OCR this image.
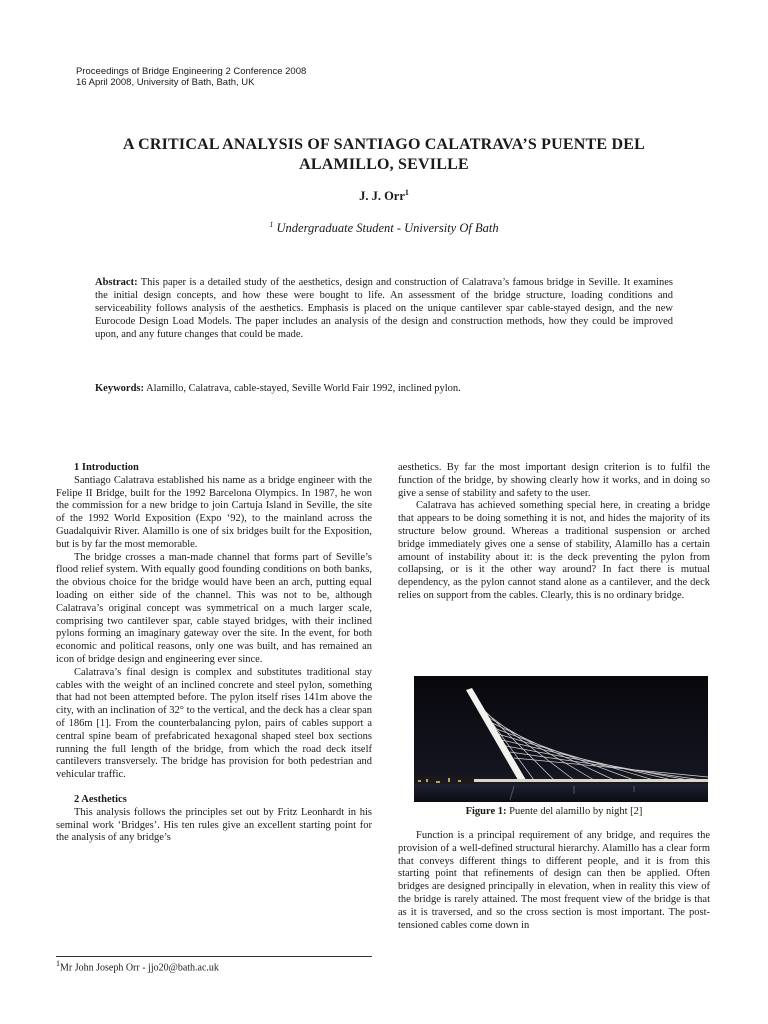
Proceedings of Bridge Engineering 2 Conference 2008
16 April 2008, University of Bath, Bath, UK
A CRITICAL ANALYSIS OF SANTIAGO CALATRAVA’S PUENTE DEL
ALAMILLO, SEVILLE
J. J. Orr$^1$
$^1$ Undergraduate Student - University Of Bath
Abstract: This paper is a detailed study of the aesthetics, design and construction of Calatrava’s famous bridge in Seville. It examines the initial design concepts, and how these were bought to life. An assessment of the bridge structure, loading conditions and serviceability follows analysis of the aesthetics. Emphasis is placed on the unique cantilever spar cable-stayed design, and the new Eurocode Design Load Models. The paper includes an analysis of the design and construction methods, how they could be improved upon, and any future changes that could be made.
Keywords: Alamillo, Calatrava, cable-stayed, Seville World Fair 1992, inclined pylon.

1 Introduction

Santiago Calatrava established his name as a bridge engineer with the Felipe II Bridge, built for the 1992 Barcelona Olympics. In 1987, he won the commission for a new bridge to join Cartuja Island in Seville, the site of the 1992 World Exposition (Expo ‘92), to the mainland across the Guadalquivir River. Alamillo is one of six bridges built for the Exposition, but is by far the most memorable.

The bridge crosses a man-made channel that forms part of Seville’s flood relief system. With equally good founding conditions on both banks, the obvious choice for the bridge would have been an arch, putting equal loading on either side of the channel. This was not to be, although Calatrava’s original concept was symmetrical on a much larger scale, comprising two cantilever spar, cable stayed bridges, with their inclined pylons forming an imaginary gateway over the site. In the event, for both economic and political reasons, only one was built, and has remained an icon of bridge design and engineering ever since.

Calatrava’s final design is complex and substitutes traditional stay cables with the weight of an inclined concrete and steel pylon, something that had not been attempted before. The pylon itself rises 141m above the city, with an inclination of 32° to the vertical, and the deck has a clear span of 186m [1]. From the counterbalancing pylon, pairs of cables support a central spine beam of prefabricated hexagonal shaped steel box sections running the full length of the bridge, from which the road deck itself cantilevers transversely. The bridge has provision for both pedestrian and vehicular traffic.

2 Aesthetics

This analysis follows the principles set out by Fritz Leonhardt in his seminal work ‘Bridges’. His ten rules give an excellent starting point for the analysis of any bridge’s

aesthetics. By far the most important design criterion is to fulfil the function of the bridge, by showing clearly how it works, and in doing so give a sense of stability and safety to the user.

Calatrava has achieved something special here, in creating a bridge that appears to be doing something it is not, and hides the majority of its structure below ground. Whereas a traditional suspension or arched bridge immediately gives one a sense of stability, Alamillo has a certain amount of instability about it: is the deck preventing the pylon from collapsing, or is it the other way around? In fact there is mutual dependency, as the pylon cannot stand alone as a cantilever, and the deck relies on support from the cables. Clearly, this is no ordinary bridge.

Figure 1: Puente del alamillo by night [2]

Function is a principal requirement of any bridge, and requires the provision of a well-defined structural hierarchy. Alamillo has a clear form that conveys different things to different people, and it is from this starting point that refinements of design can then be applied. Often bridges are designed principally in elevation, when in reality this view of the bridge is rarely attained. The most frequent view of the bridge is that as it is traversed, and so the cross section is most important. The post-tensioned cables come down in

$^1$Mr John Joseph Orr - jjo20@bath.ac.uk
